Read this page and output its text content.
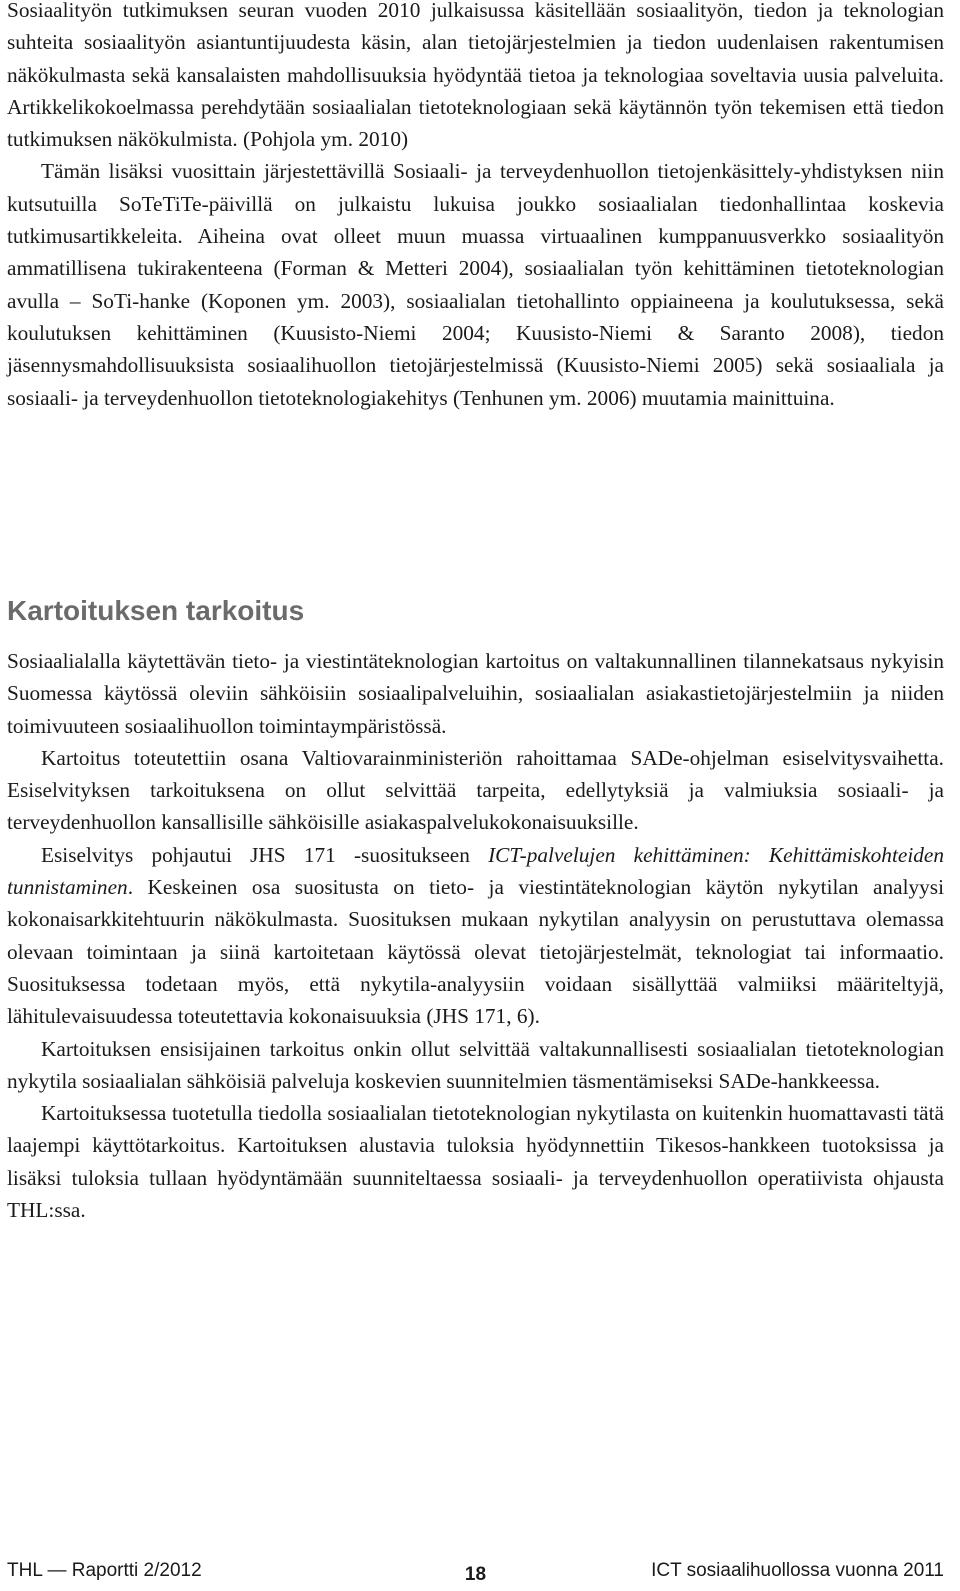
Sosiaalityön tutkimuksen seuran vuoden 2010 julkaisussa käsitellään sosiaalityön, tiedon ja teknologian suhteita sosiaalityön asiantuntijuudesta käsin, alan tietojärjestelmien ja tiedon uudenlaisen rakentumisen näkökulmasta sekä kansalaisten mahdollisuuksia hyödyntää tietoa ja teknologiaa soveltavia uusia palveluita. Artikkelikokoelmassa perehdytään sosiaalialan tietoteknologiaan sekä käytännön työn tekemisen että tiedon tutkimuksen näkökulmista. (Pohjola ym. 2010)

Tämän lisäksi vuosittain järjestettävillä Sosiaali- ja terveydenhuollon tietojenkäsittely-yhdistyksen niin kutsutuilla SoTeTiTe-päivillä on julkaistu lukuisa joukko sosiaalialan tiedonhallintaa koskevia tutkimusartikkeleita. Aiheina ovat olleet muun muassa virtuaalinen kumppanuusverkko sosiaalityön ammatillisena tukirakenteena (Forman & Metteri 2004), sosiaalialan työn kehittäminen tietoteknologian avulla – SoTi-hanke (Koponen ym. 2003), sosiaalialan tietohallinto oppiaineena ja koulutuksessa, sekä koulutuksen kehittäminen (Kuusisto-Niemi 2004; Kuusisto-Niemi & Saranto 2008), tiedon jäsennysmahdollisuuksista sosiaalihuollon tietojärjestelmissä (Kuusisto-Niemi 2005) sekä sosiaaliala ja sosiaali- ja terveydenhuollon tietoteknologiakehitys (Tenhunen ym. 2006) muutamia mainittuina.

Kartoituksen tarkoitus

Sosiaalialalla käytettävän tieto- ja viestintäteknologian kartoitus on valtakunnallinen tilannekatsaus nykyisin Suomessa käytössä oleviin sähköisiin sosiaalipalveluihin, sosiaalialan asiakastietojärjestelmiin ja niiden toimivuuteen sosiaalihuollon toimintaympäristössä.

Kartoitus toteutettiin osana Valtiovarainministeriön rahoittamaa SADe-ohjelman esiselvitysvaihetta. Esiselvityksen tarkoituksena on ollut selvittää tarpeita, edellytyksiä ja valmiuksia sosiaali- ja terveydenhuollon kansallisille sähköisille asiakaspalvelukokonaisuuksille.

Esiselvitys pohjautui JHS 171 -suositukseen ICT-palvelujen kehittäminen: Kehittämiskohteiden tunnistaminen. Keskeinen osa suositusta on tieto- ja viestintäteknologian käytön nykytilan analyysi kokonaisarkkitehtuurin näkökulmasta. Suosituksen mukaan nykytilan analyysin on perustuttava olemassa olevaan toimintaan ja siinä kartoitetaan käytössä olevat tietojärjestelmät, teknologiat tai informaatio. Suosituksessa todetaan myös, että nykytila-analyysiin voidaan sisällyttää valmiiksi määriteltyjä, lähitulevaisuudessa toteutettavia kokonaisuuksia (JHS 171, 6).

Kartoituksen ensisijainen tarkoitus onkin ollut selvittää valtakunnallisesti sosiaalialan tietoteknologian nykytila sosiaalialan sähköisiä palveluja koskevien suunnitelmien täsmentämiseksi SADe-hankkeessa.

Kartoituksessa tuotetulla tiedolla sosiaalialan tietoteknologian nykytilasta on kuitenkin huomattavasti tätä laajempi käyttötarkoitus. Kartoituksen alustavia tuloksia hyödynnettiin Tikesos-hankkeen tuotoksissa ja lisäksi tuloksia tullaan hyödyntämään suunniteltaessa sosiaali- ja terveydenhuollon operatiivista ohjausta THL:ssa.

THL — Raportti 2/2012	18	ICT sosiaalihuollossa vuonna 2011
